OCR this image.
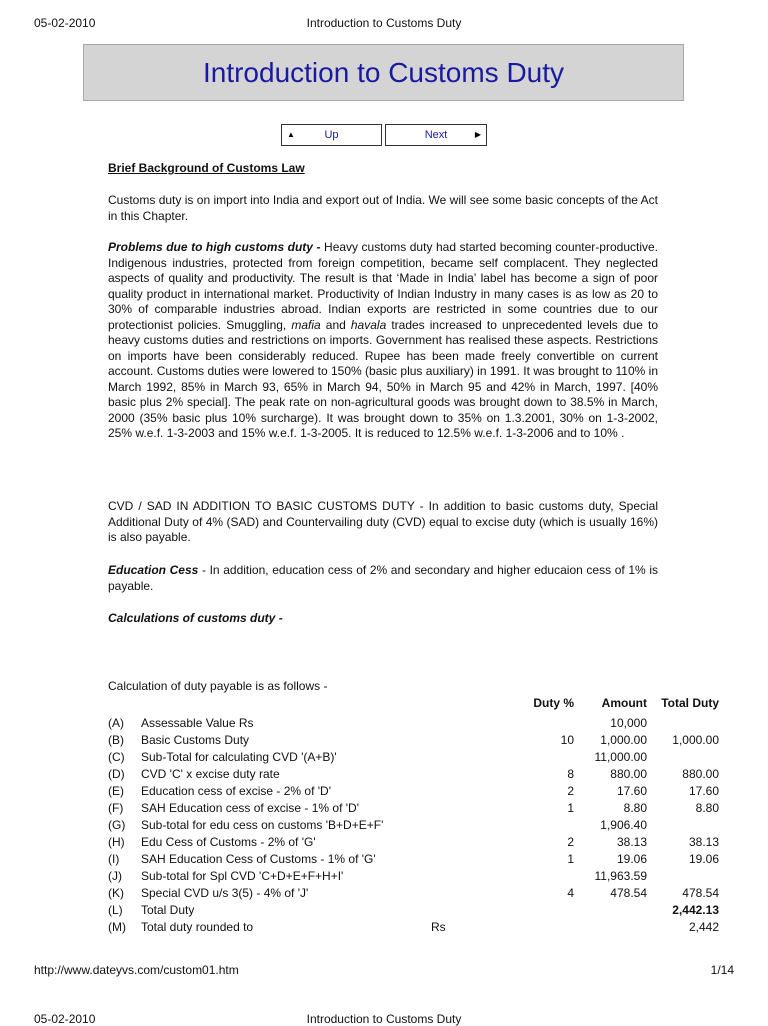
Introduction to Customs Duty
05-02-2010
Introduction to Customs Duty
▲	Up	Next	▶
Brief Background of Customs Law
Customs duty is on import into India and export out of India. We will see some basic concepts of the Act in this Chapter.
Problems due to high customs duty - Heavy customs duty had started becoming counter-productive. Indigenous industries, protected from foreign competition, became self complacent. They neglected aspects of quality and productivity. The result is that ‘Made in India’ label has become a sign of poor quality product in international market. Productivity of Indian Industry in many cases is as low as 20 to 30% of comparable industries abroad. Indian exports are restricted in some countries due to our protectionist policies. Smuggling, mafia and havala trades increased to unprecedented levels due to heavy customs duties and restrictions on imports. Government has realised these aspects. Restrictions on imports have been considerably reduced. Rupee has been made freely convertible on current account. Customs duties were lowered to 150% (basic plus auxiliary) in 1991. It was brought to 110% in March 1992, 85% in March 93, 65% in March 94, 50% in March 95 and 42% in March, 1997. [40% basic plus 2% special]. The peak rate on non-agricultural goods was brought down to 38.5% in March, 2000 (35% basic plus 10% surcharge). It was brought down to 35% on 1.3.2001, 30% on 1-3-2002, 25% w.e.f. 1-3-2003 and 15% w.e.f. 1-3-2005. It is reduced to 12.5% w.e.f. 1-3-2006 and to 10% .
CVD / SAD IN ADDITION TO BASIC CUSTOMS DUTY - In addition to basic customs duty, Special Additional Duty of 4% (SAD) and Countervailing duty (CVD) equal to excise duty (which is usually 16%) is also payable.
Education Cess - In addition, education cess of 2% and secondary and higher educaion cess of 1% is payable.
Calculations of customs duty -
Calculation of duty payable is as follows -
			Duty %	Amount	Total Duty
(A)	Assessable Value Rs			10,000	
(B)	Basic Customs Duty		10	1,000.00	1,000.00
(C)	Sub-Total for calculating CVD '(A+B)'			11,000.00	
(D)	CVD 'C' x excise duty rate		8	880.00	880.00
(E)	Education cess of excise - 2% of 'D'		2	17.60	17.60
(F)	SAH Education cess of excise - 1% of 'D'		1	8.80	8.80
(G)	Sub-total for edu cess on customs 'B+D+E+F'			1,906.40	
(H)	Edu Cess of Customs - 2% of 'G'		2	38.13	38.13
(I)	SAH Education Cess of Customs - 1% of 'G'		1	19.06	19.06
(J)	Sub-total for Spl CVD 'C+D+E+F+H+I'			11,963.59	
(K)	Special CVD u/s 3(5) - 4% of 'J'		4	478.54	478.54
(L)	Total Duty				2,442.13
(M)	Total duty rounded to	Rs			2,442
http://www.dateyvs.com/custom01.htm	1/14
Introduction to Customs Duty
05-02-2010
